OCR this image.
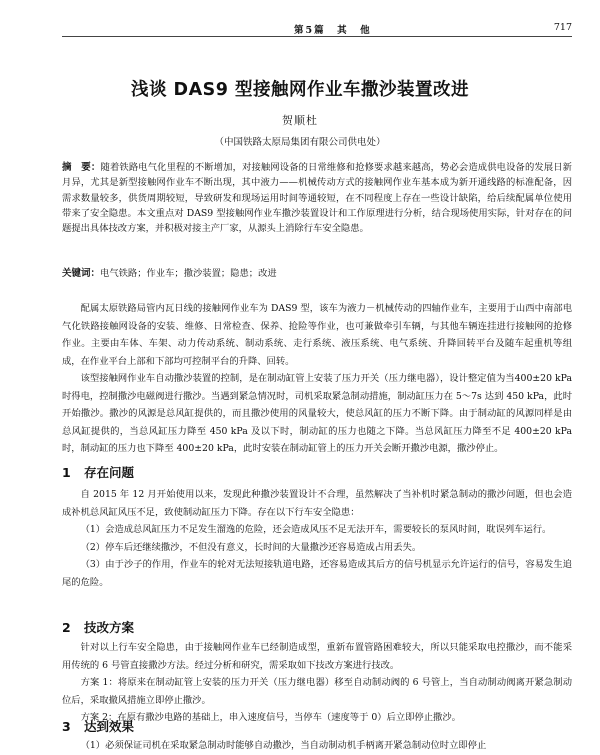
第5篇　其　他	717
浅谈 DAS9 型接触网作业车撒沙装置改进
贺顺杜
（中国铁路太原局集团有限公司供电处）
摘　要：随着铁路电气化里程的不断增加，对接触网设备的日常维修和抢修要求越来越高，势必会造成供电设备的发展日新月异，尤其是新型接触网作业车不断出现，其中液力——机械传动方式的接触网作业车基本成为新开通线路的标准配备，因需求数量较多，供货周期较短，导致研发和现场运用时间等通较短，在不同程度上存在一些设计缺陷，给后续配属单位使用带来了安全隐患。本文重点对 DAS9 型接触网作业车撒沙装置设计和工作原理进行分析，结合现场使用实际，针对存在的问题提出具体技改方案，并积极对接主产厂家，从源头上消除行车安全隐患。
关键词：电气铁路；作业车；撒沙装置；隐患；改进

配属太原铁路局管内瓦日线的接触网作业车为 DAS9 型，该车为液力－机械传动的四轴作业车，主要用于山西中南部电气化铁路接触网设备的安装、维修、日常检查、保养、抢险等作业，也可兼做牵引车辆，与其他车辆连挂进行接触网的抢修作业。主要由车体、车架、动力传动系统、制动系统、走行系统、液压系统、电气系统、升降回转平台及随车起重机等组成，在作业平台上部和下部均可控制平台的升降、回转。

该型接触网作业车自动撒沙装置的控制，是在制动缸管上安装了压力开关（压力继电器），设计整定值为当400±20 kPa 时得电，控制撒沙电磁阀进行撒沙。当遇到紧急情况时，司机采取紧急制动措施，制动缸压力在 5～7s 达到 450 kPa，此时开始撒沙。撒沙的风源是总风缸提供的，而且撒沙使用的风量较大，使总风缸的压力不断下降。由于制动缸的风源同样是由总风缸提供的，当总风缸压力降至 450 kPa 及以下时，制动缸的压力也随之下降。当总风缸压力降至不足 400±20 kPa 时，制动缸的压力也下降至 400±20 kPa，此时安装在制动缸管上的压力开关会断开撒沙电源，撒沙停止。

1 存在问题

自 2015 年 12 月开始使用以来，发现此种撒沙装置设计不合理，虽然解决了当补机时紧急制动的撒沙问题，但也会造成补机总风缸风压不足，致使制动缸压力下降。存在以下行车安全隐患：

（1）会造成总风缸压力不足发生溜逸的危险，还会造成风压不足无法开车，需要较长的泵风时间，耽误列车运行。

（2）停车后还继续撒沙，不但没有意义，长时间的大量撒沙还容易造成占用丢失。

（3）由于沙子的作用，作业车的轮对无法短接轨道电路，还容易造成其后方的信号机显示允许运行的信号，容易发生追尾的危险。

2 技改方案

针对以上行车安全隐患，由于接触网作业车已经制造成型，重新布置管路困难较大，所以只能采取电控撒沙，而不能采用传统的 6 号管直接撒沙方法。经过分析和研究，需采取如下技改方案进行技改。

方案 1：将原来在制动缸管上安装的压力开关（压力继电器）移至自动制动阀的 6 号管上，当自动制动阀离开紧急制动位后，采取撤风措施立即停止撒沙。

方案 2：在原有撒沙电路的基础上，串入速度信号，当停车（速度等于 0）后立即停止撒沙。

3 达到效果

（1）必须保证司机在采取紧急制动时能够自动撒沙，当自动制动机手柄离开紧急制动位时立即停止
